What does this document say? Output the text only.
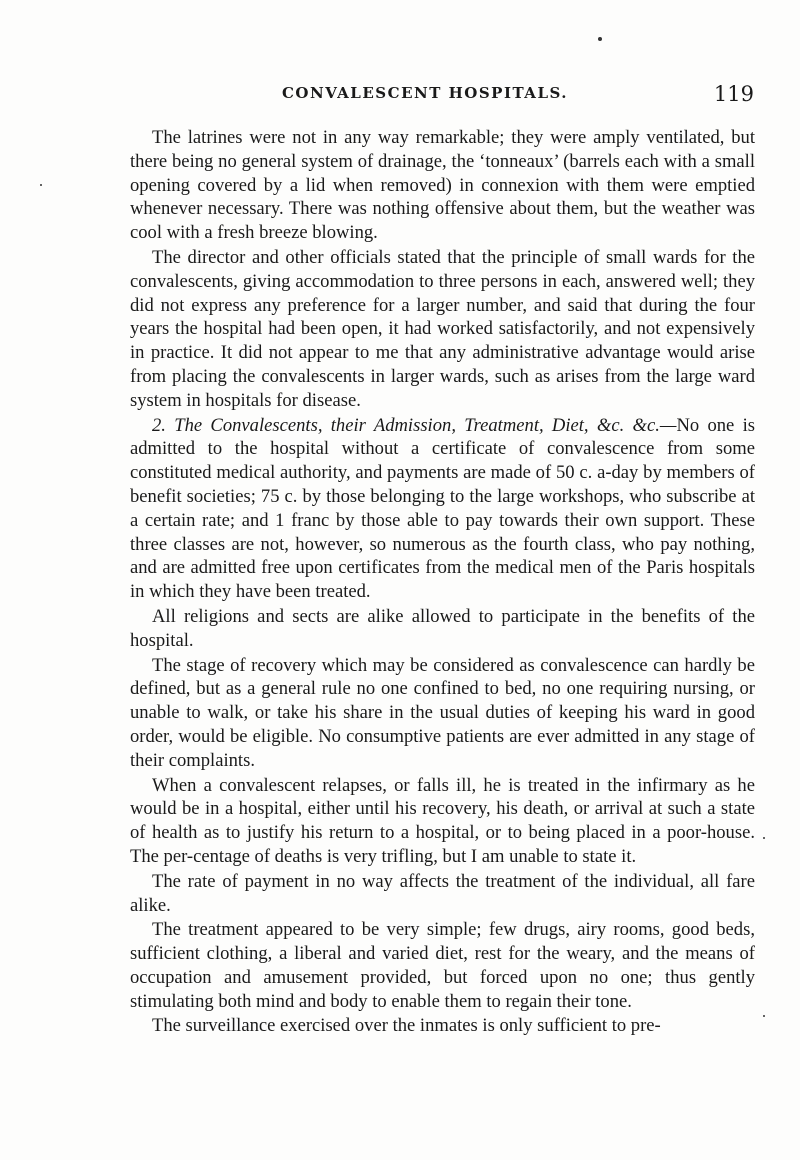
CONVALESCENT HOSPITALS.	119

The latrines were not in any way remarkable; they were amply ventilated, but there being no general system of drainage, the ‘tonneaux’ (barrels each with a small opening covered by a lid when removed) in connexion with them were emptied whenever necessary. There was nothing offensive about them, but the weather was cool with a fresh breeze blowing.

The director and other officials stated that the principle of small wards for the convalescents, giving accommodation to three persons in each, answered well; they did not express any preference for a larger number, and said that during the four years the hospital had been open, it had worked satisfactorily, and not expensively in practice. It did not appear to me that any administrative advantage would arise from placing the convalescents in larger wards, such as arises from the large ward system in hospitals for disease.

2. The Convalescents, their Admission, Treatment, Diet, &c. &c.—No one is admitted to the hospital without a certificate of convalescence from some constituted medical authority, and payments are made of 50 c. a-day by members of benefit societies; 75 c. by those belonging to the large workshops, who subscribe at a certain rate; and 1 franc by those able to pay towards their own support. These three classes are not, however, so numerous as the fourth class, who pay nothing, and are admitted free upon certificates from the medical men of the Paris hospitals in which they have been treated.

All religions and sects are alike allowed to participate in the benefits of the hospital.

The stage of recovery which may be considered as convalescence can hardly be defined, but as a general rule no one confined to bed, no one requiring nursing, or unable to walk, or take his share in the usual duties of keeping his ward in good order, would be eligible. No consumptive patients are ever admitted in any stage of their complaints.

When a convalescent relapses, or falls ill, he is treated in the infirmary as he would be in a hospital, either until his recovery, his death, or arrival at such a state of health as to justify his return to a hospital, or to being placed in a poor-house. The per-centage of deaths is very trifling, but I am unable to state it.

The rate of payment in no way affects the treatment of the individual, all fare alike.

The treatment appeared to be very simple; few drugs, airy rooms, good beds, sufficient clothing, a liberal and varied diet, rest for the weary, and the means of occupation and amusement provided, but forced upon no one; thus gently stimulating both mind and body to enable them to regain their tone.

The surveillance exercised over the inmates is only sufficient to pre-
